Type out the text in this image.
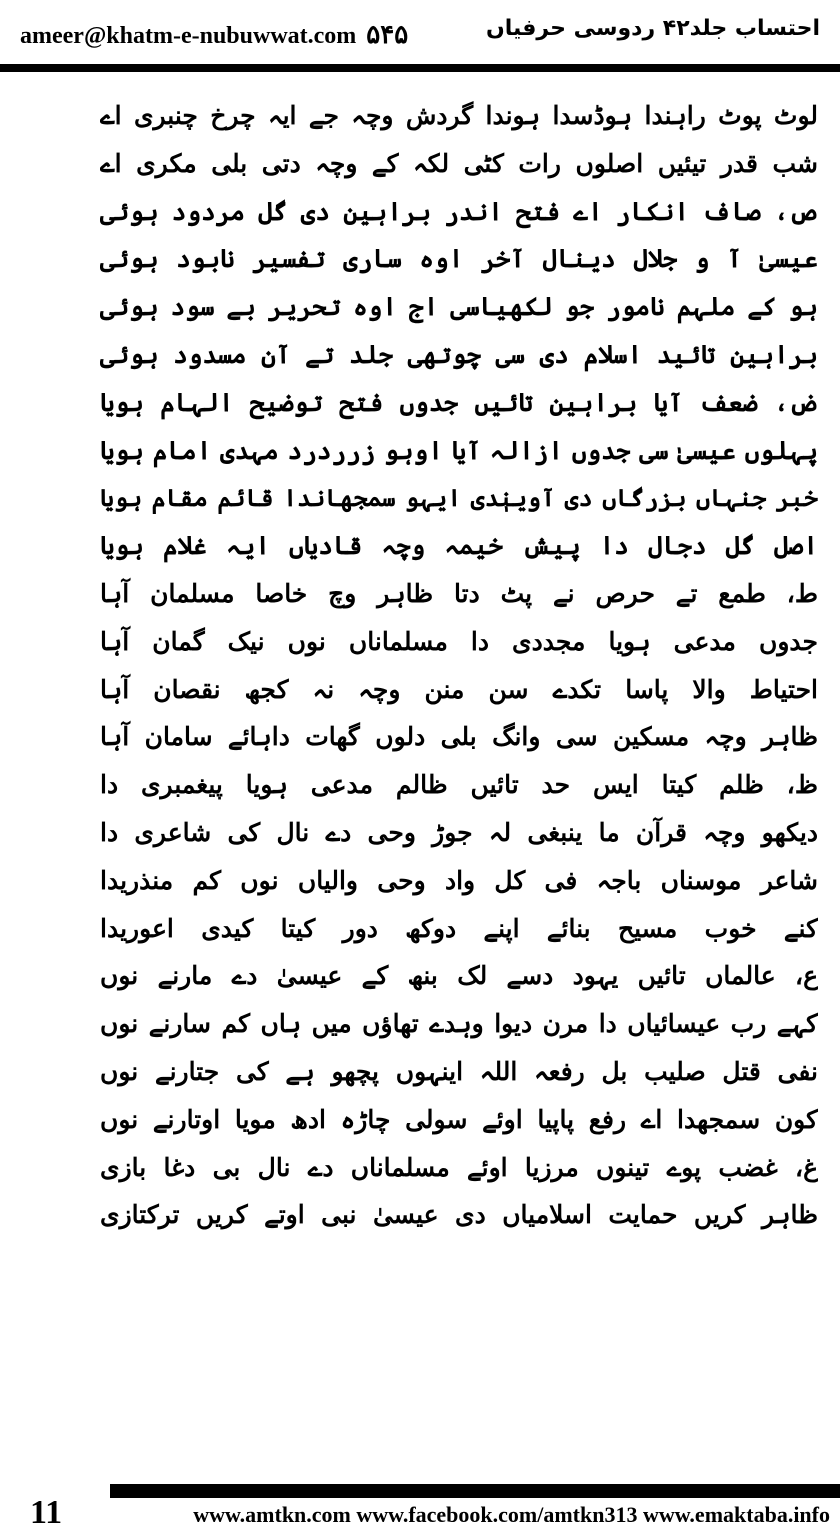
ameer@khatm-e-nubuwwat.com ۵۴۵	احتساب جلد۴۲ ردوسی حرفیاں
لوٹ پوٹ راہندا ہوڈسدا ہوندا گردش وچہ جے ایہ چرخ چنبری اے
شب قدر تیئیں اصلوں رات کٹی لکہ کے وچہ دتی بلی مکری اے
ص، صاف انکار اے فتح اندر براہین دی گل مردود ہوئی
عیسیٰ آ و جلال دینال آخر اوہ ساری تفسیر نابود ہوئی
ہو کے ملہم نامور جو لکھیاسی اج اوہ تحریر بے سود ہوئی
براہین تائید اسلام دی سی چوتھی جلد تے آن مسدود ہوئی
ض، ضعف آیا براہین تائیں جدوں فتح توضیح الہام ہویا
پہلوں عیسیٰ سی جدوں ازالہ آیا اوہو زرردرد مہدی امام ہویا
خبر جنہاں بزرگاں دی آوینٖدی ایہو سمجھاندا قائم مقام ہویا
اصل گل دجال دا پیش خیمہ وچہ قادیاں ایہ غلام ہویا
ط، طمع تے حرص نے پٹ دتا ظاہر وچ خاصا مسلمان آہا
جدوں مدعی ہویا مجددی دا مسلماناں نوں نیک گمان آہا
احتیاط والا پاسا تکدے سن منن وچہ نہ کجھ نقصان آہا
ظاہر وچہ مسکین سی وانگ بلی دلوں گھات داہائے سامان آہا
ظ، ظلم کیتا ایس حد تائیں ظالم مدعی ہویا پیغمبری دا
دیکھو وچہ قرآن ما ینبغی لہ جوڑ وحی دے نال کی شاعری دا
شاعر موسناں باجہ فی کل واد وحی والیاں نوں کم منذریدا
کنے خوب مسیح بنائے اپنے دوکھ دور کیتا کیدی اعوریدا
ع، عالماں تائیں یہود دسے لک بنھ کے عیسیٰ دے مارنے نوں
کہے رب عیسائیاں دا مرن دیوا وہدے تھاؤں میں ہاں کم سارنے نوں
نفی قتل صلیب بل رفعہ اللہ اینہوں پچھو ہے کی جتارنے نوں
کون سمجھدا اے رفع پاپیا اوئے سولی چاڑہ ادھ مویا اوتارنے نوں
غ، غضب پوے تینوں مرزیا اوئے مسلماناں دے نال بی دغا بازی
ظاہر کریں حمایت اسلامیاں دی عیسیٰ نبی اوتے کریں ترکتازی
11	www.amtkn.com www.facebook.com/amtkn313 www.emaktaba.info
